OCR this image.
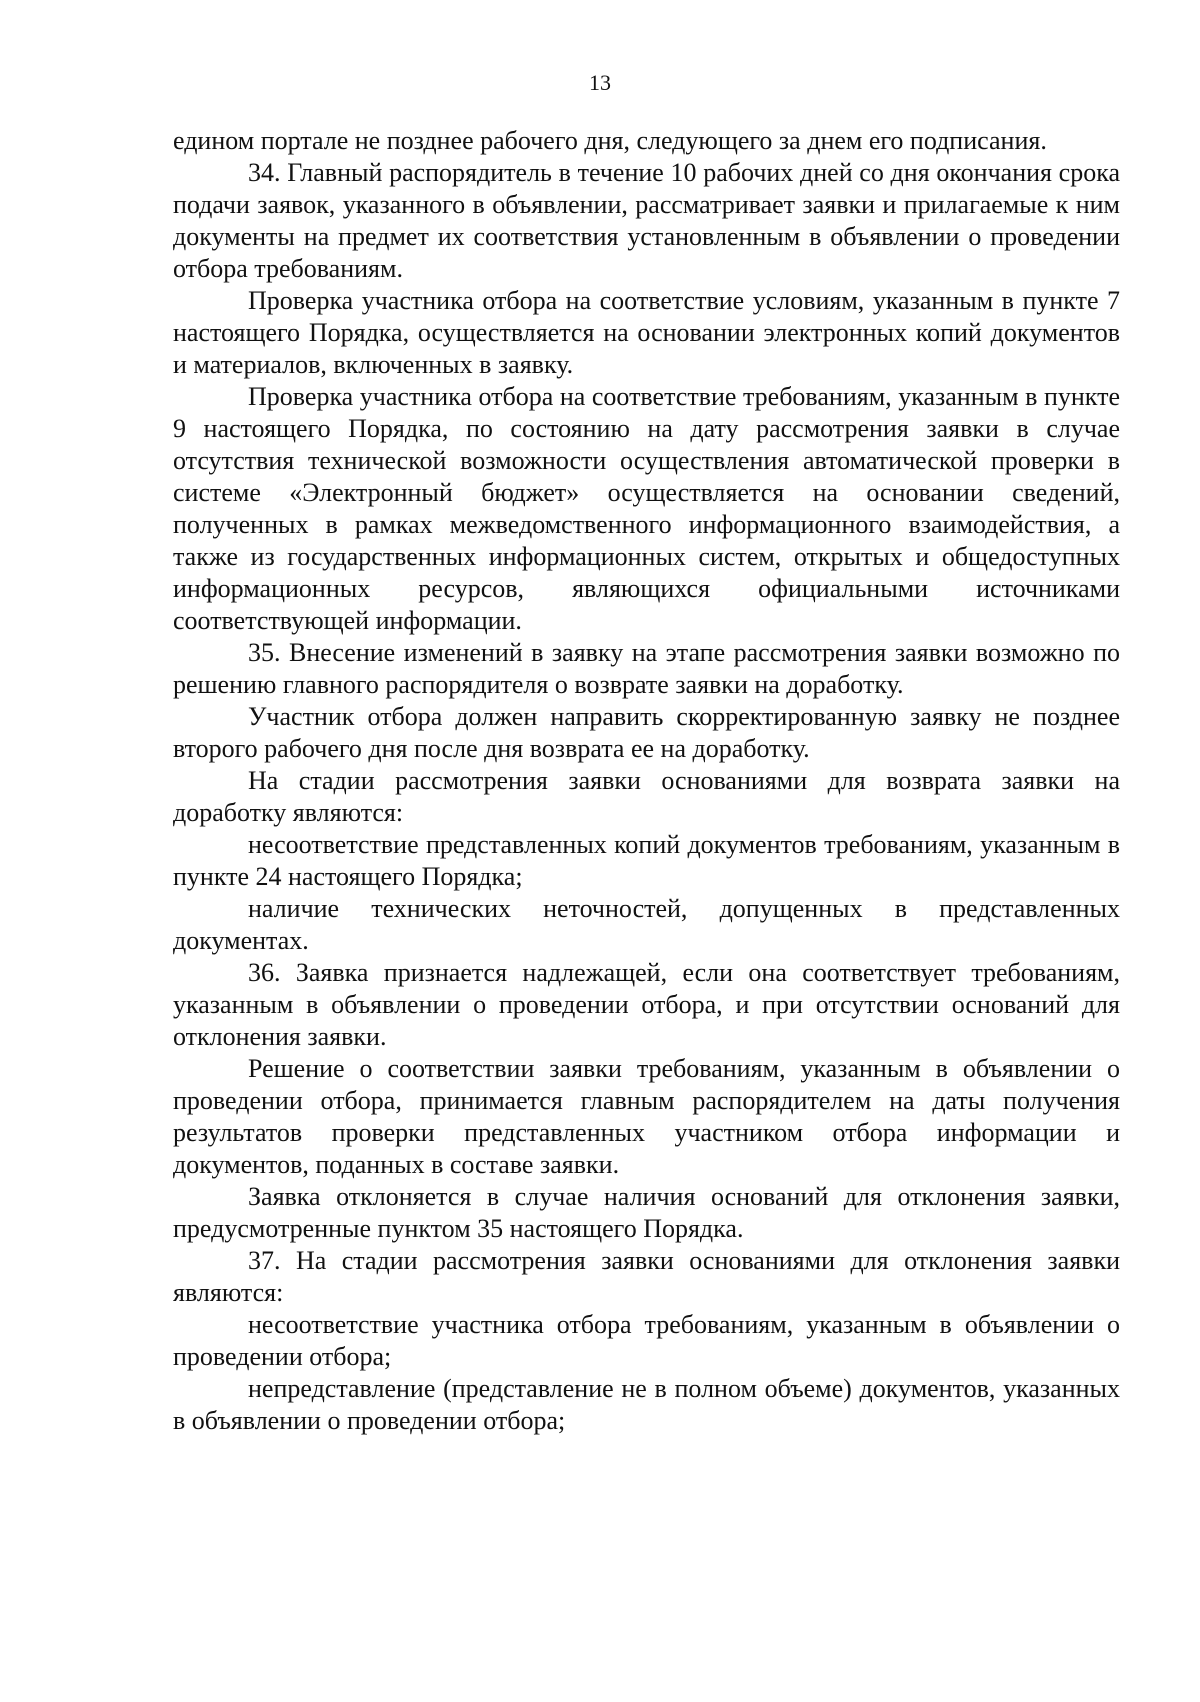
13

едином портале не позднее рабочего дня, следующего за днем его подписания.

34. Главный распорядитель в течение 10 рабочих дней со дня окончания срока подачи заявок, указанного в объявлении, рассматривает заявки и прилагаемые к ним документы на предмет их соответствия установленным в объявлении о проведении отбора требованиям.

Проверка участника отбора на соответствие условиям, указанным в пункте 7 настоящего Порядка, осуществляется на основании электронных копий документов и материалов, включенных в заявку.

Проверка участника отбора на соответствие требованиям, указанным в пункте 9 настоящего Порядка, по состоянию на дату рассмотрения заявки в случае отсутствия технической возможности осуществления автоматической проверки в системе «Электронный бюджет» осуществляется на основании сведений, полученных в рамках межведомственного информационного взаимодействия, а также из государственных информационных систем, открытых и общедоступных информационных ресурсов, являющихся официальными источниками соответствующей информации.

35. Внесение изменений в заявку на этапе рассмотрения заявки возможно по решению главного распорядителя о возврате заявки на доработку.

Участник отбора должен направить скорректированную заявку не позднее второго рабочего дня после дня возврата ее на доработку.

На стадии рассмотрения заявки основаниями для возврата заявки на доработку являются:

несоответствие представленных копий документов требованиям, указанным в пункте 24 настоящего Порядка;

наличие технических неточностей, допущенных в представленных документах.

36. Заявка признается надлежащей, если она соответствует требованиям, указанным в объявлении о проведении отбора, и при отсутствии оснований для отклонения заявки.

Решение о соответствии заявки требованиям, указанным в объявлении о проведении отбора, принимается главным распорядителем на даты получения результатов проверки представленных участником отбора информации и документов, поданных в составе заявки.

Заявка отклоняется в случае наличия оснований для отклонения заявки, предусмотренные пунктом 35 настоящего Порядка.

37. На стадии рассмотрения заявки основаниями для отклонения заявки являются:

несоответствие участника отбора требованиям, указанным в объявлении о проведении отбора;

непредставление (представление не в полном объеме) документов, указанных в объявлении о проведении отбора;
